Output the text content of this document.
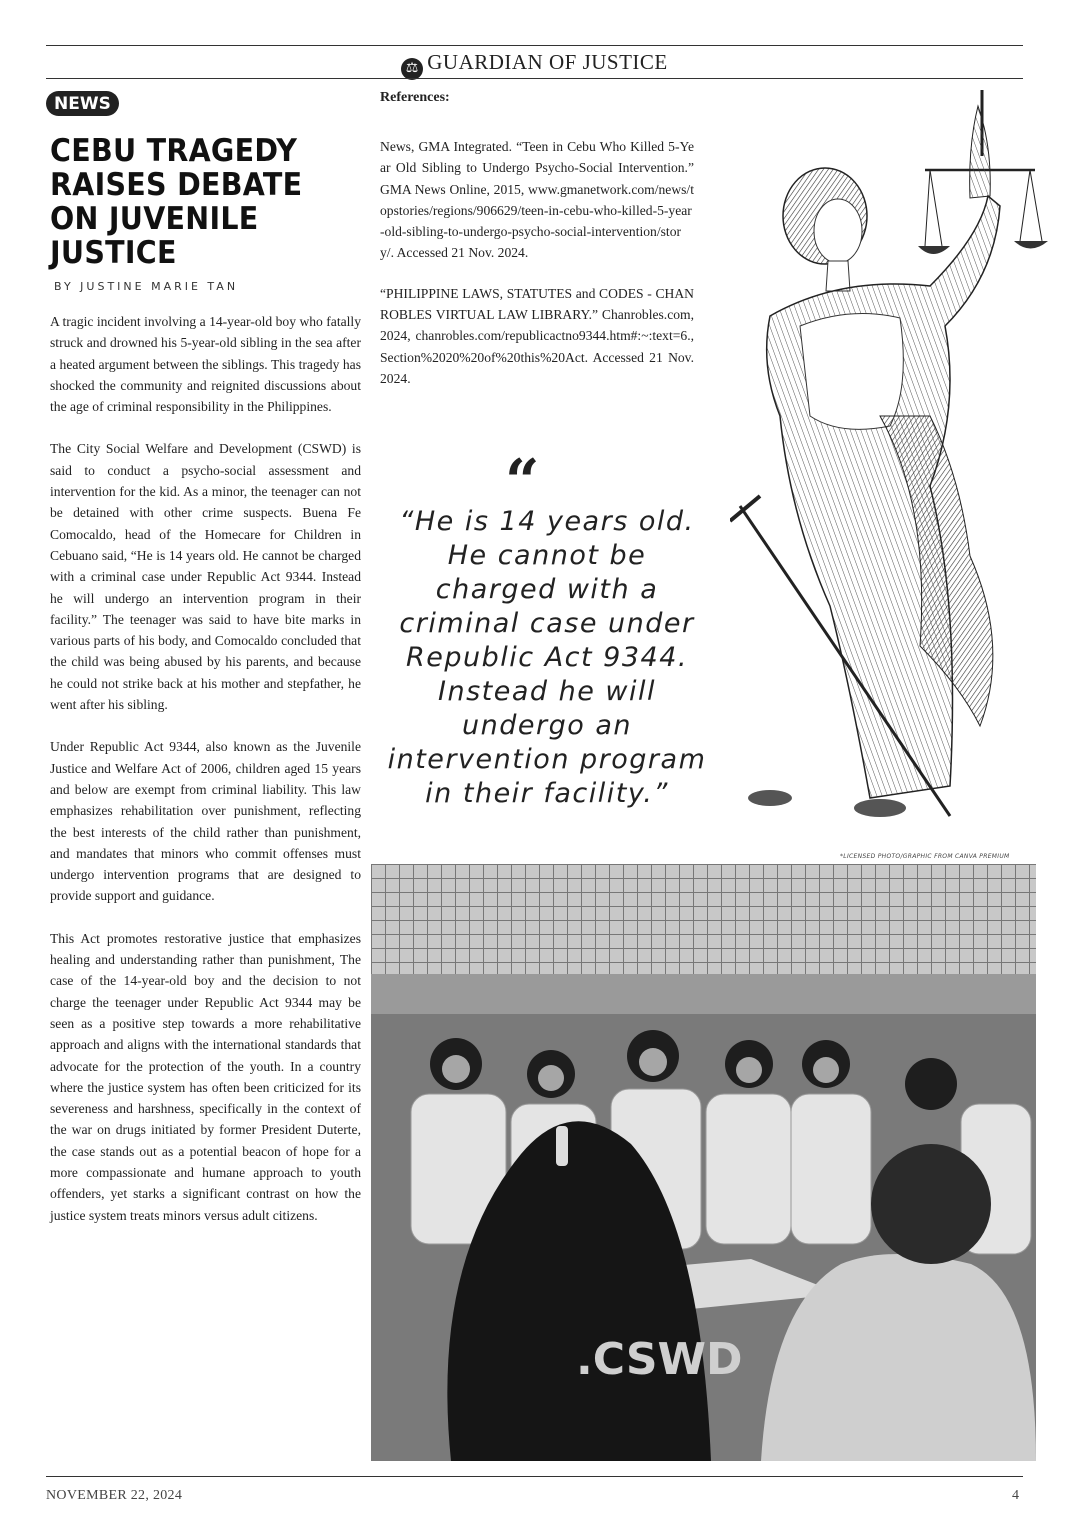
⚖ GUARDIAN OF JUSTICE
NEWS
CEBU TRAGEDY RAISES DEBATE ON JUVENILE JUSTICE
BY JUSTINE MARIE TAN

A tragic incident involving a 14-year-old boy who fatally struck and drowned his 5-year-old sibling in the sea after a heated argument between the siblings. This tragedy has shocked the community and reignited discussions about the age of criminal responsibility in the Philippines.

The City Social Welfare and Development (CSWD) is said to conduct a psycho-social assessment and intervention for the kid. As a minor, the teenager can not be detained with other crime suspects. Buena Fe Comocaldo, head of the Homecare for Children in Cebuano said, “He is 14 years old. He cannot be charged with a criminal case under Republic Act 9344. Instead he will undergo an intervention program in their facility.” The teenager was said to have bite marks in various parts of his body, and Comocaldo concluded that the child was being abused by his parents, and because he could not strike back at his mother and stepfather, he went after his sibling.

Under Republic Act 9344, also known as the Juvenile Justice and Welfare Act of 2006, children aged 15 years and below are exempt from criminal liability. This law emphasizes rehabilitation over punishment, reflecting the best interests of the child rather than punishment, and mandates that minors who commit offenses must undergo intervention programs that are designed to provide support and guidance.

This Act promotes restorative justice that emphasizes healing and understanding rather than punishment, The case of the 14-year-old boy and the decision to not charge the teenager under Republic Act 9344 may be seen as a positive step towards a more rehabilitative approach and aligns with the international standards that advocate for the protection of the youth. In a country where the justice system has often been criticized for its severeness and harshness, specifically in the context of the war on drugs initiated by former President Duterte, the case stands out as a potential beacon of hope for a more compassionate and humane approach to youth offenders, yet starks a significant contrast on how the justice system treats minors versus adult citizens.

References:

News, GMA Integrated. “Teen in Cebu Who Killed 5-Year Old Sibling to Undergo Psycho-Social Intervention.” GMA News Online, 2015, www.gmanetwork.com/news/topstories/regions/906629/teen-in-cebu-who-killed-5-year-old-sibling-to-undergo-psycho-social-intervention/story/. Accessed 21 Nov. 2024.

“PHILIPPINE LAWS, STATUTES and CODES - CHAN ROBLES VIRTUAL LAW LIBRARY.” Chanrobles.com, 2024, chanrobles.com/republicactno9344.htm#:~:text=6.,Section%2020%20of%20this%20Act. Accessed 21 Nov. 2024.

“

“He is 14 years old. He cannot be charged with a criminal case under Republic Act 9344. Instead he will undergo an intervention program in their facility.”

*LICENSED PHOTO/GRAPHIC FROM CANVA PREMIUM
.CSWD
NOVEMBER 22, 2024	4
